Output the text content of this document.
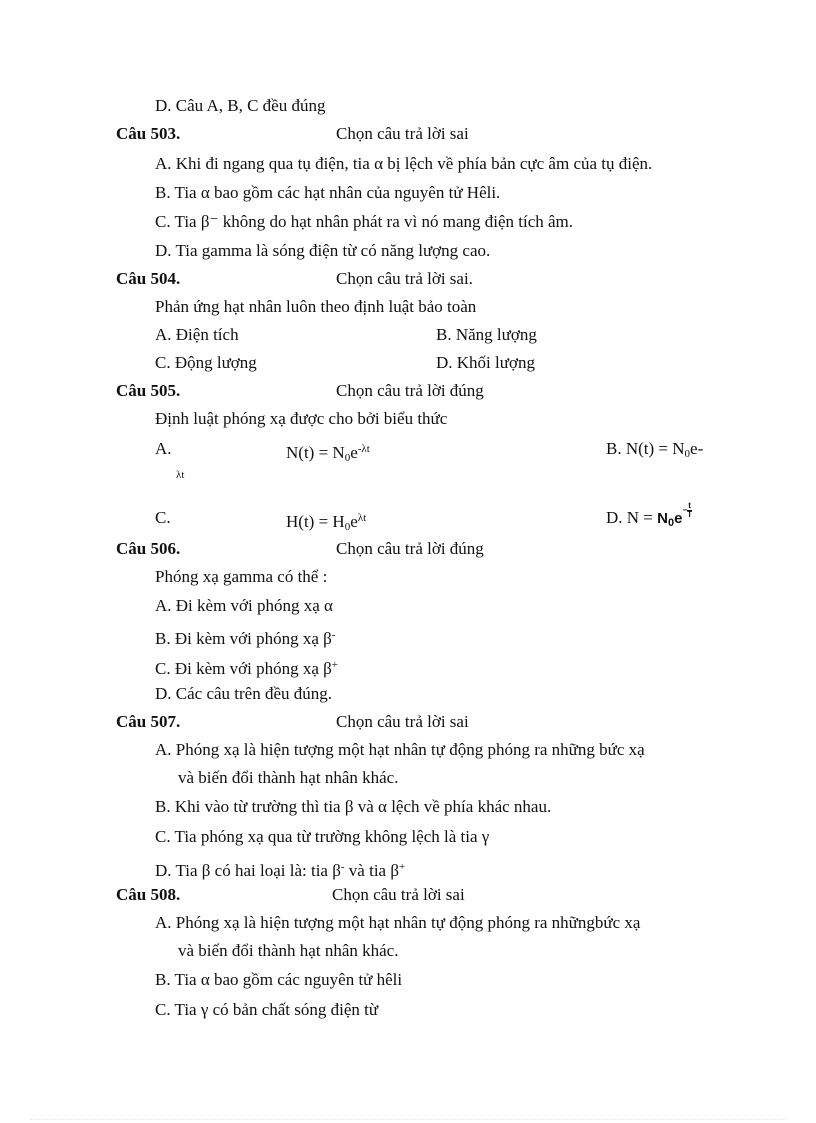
D. Câu A, B, C đều đúng
Câu 503.	Chọn câu trả lời sai
A. Khi đi ngang qua tụ điện, tia α bị lệch về phía bản cực âm của tụ điện.
B. Tia α bao gồm các hạt nhân của nguyên tử Hêli.
C. Tia β⁻ không do hạt nhân phát ra vì nó mang điện tích âm.
D. Tia gamma là sóng điện từ có năng lượng cao.
Câu 504.	Chọn câu trả lời sai.
Phản ứng hạt nhân luôn theo định luật bảo toàn
A. Điện tích	B. Năng lượng
C. Động lượng	D. Khối lượng
Câu 505.	Chọn câu trả lời đúng
Định luật phóng xạ được cho bởi biểu thức
A.	$N(t) = N_0e^{-\lambda t}$	B. $N(t) = N_0e-$
λt
C.	$H(t) = H_0e^{\lambda t}$	D. $N = N_0e- \frac{t}{T}$
Câu 506.	Chọn câu trả lời đúng
Phóng xạ gamma có thể :
A. Đi kèm với phóng xạ α
B. Đi kèm với phóng xạ β-
C. Đi kèm với phóng xạ β+
D. Các câu trên đều đúng.
Câu 507.	Chọn câu trả lời sai
A. Phóng xạ là hiện tượng một hạt nhân tự động phóng ra những bức xạ
và biến đổi thành hạt nhân khác.
B. Khi vào từ trường thì tia β và α lệch về phía khác nhau.
C. Tia phóng xạ qua từ trường không lệch là tia γ
D. Tia β có hai loại là: tia β- và tia β+
Câu 508.	Chọn câu trả lời sai
A. Phóng xạ là hiện tượng một hạt nhân tự động phóng ra nhữngbức xạ
và biến đổi thành hạt nhân khác.
B. Tia α bao gồm các nguyên tử hêli
C. Tia γ có bản chất sóng điện từ
